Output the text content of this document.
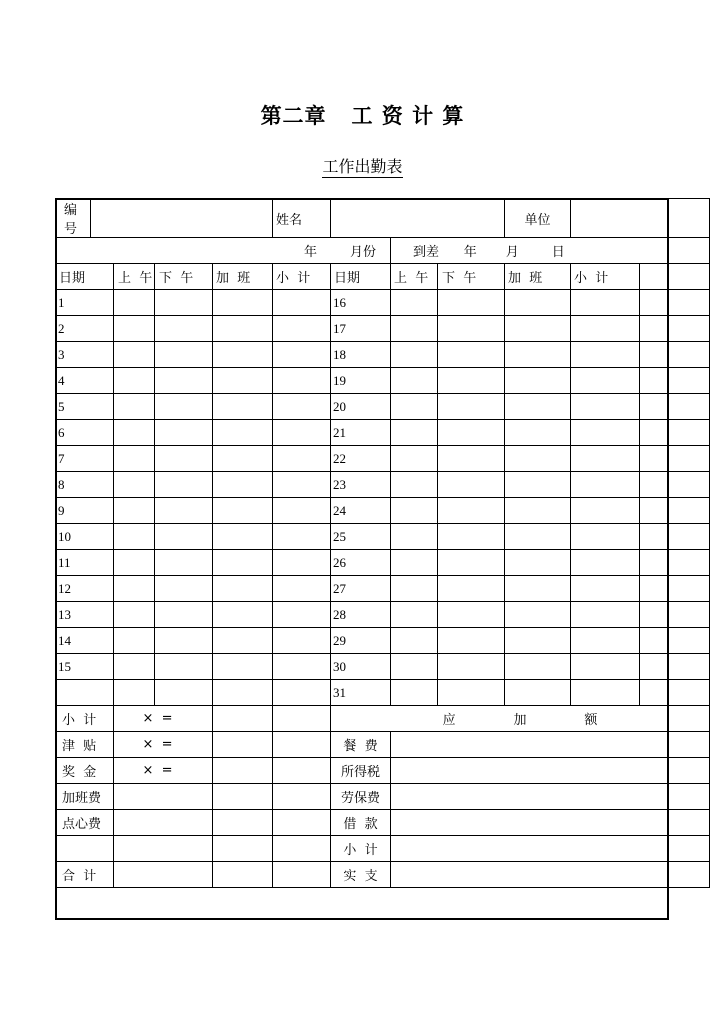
第二章   工 资 计 算
工作出勤表
编
号					姓名				单位		
年        月份							到差      年       月        日				
日期		上  午	下  午	加  班	小  计	日期	上  午	下  午	加  班	小  计	
1						16					
2						17					
3						18					
4						19					
5						20					
6						21					
7						22					
8						23					
9						24					
10						25					
11						26					
12						27					
13						28					
14						29					
15						30					
						31					
小  计		×  =				应              加              额					
津  贴		×  =				餐  费					
奖  金		×  =				所得税					
加班费						劳保费					
点心费						借  款					
						小  计					
合  计						实  支					
